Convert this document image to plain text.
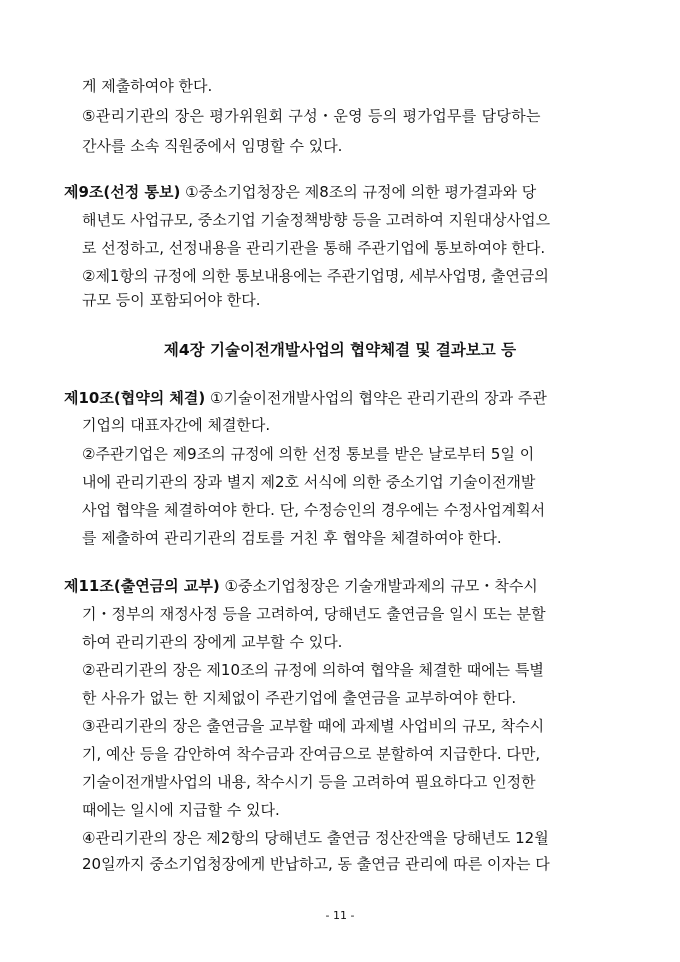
게 제출하여야 한다.
⑤관리기관의 장은 평가위원회 구성・운영 등의 평가업무를 담당하는
간사를 소속 직원중에서 임명할 수 있다.
제9조(선정 통보) ①중소기업청장은 제8조의 규정에 의한 평가결과와 당
해년도 사업규모, 중소기업 기술정책방향 등을 고려하여 지원대상사업으
로 선정하고, 선정내용을 관리기관을 통해 주관기업에 통보하여야 한다.
②제1항의 규정에 의한 통보내용에는 주관기업명, 세부사업명, 출연금의
규모 등이 포함되어야 한다.
제4장 기술이전개발사업의 협약체결 및 결과보고 등
제10조(협약의 체결) ①기술이전개발사업의 협약은 관리기관의 장과 주관
기업의 대표자간에 체결한다.
②주관기업은 제9조의 규정에 의한 선정 통보를 받은 날로부터 5일 이
내에 관리기관의 장과 별지 제2호 서식에 의한 중소기업 기술이전개발
사업 협약을 체결하여야 한다. 단, 수정승인의 경우에는 수정사업계획서
를 제출하여 관리기관의 검토를 거친 후 협약을 체결하여야 한다.
제11조(출연금의 교부) ①중소기업청장은 기술개발과제의 규모・착수시
기・정부의 재정사정 등을 고려하여, 당해년도 출연금을 일시 또는 분할
하여 관리기관의 장에게 교부할 수 있다.
②관리기관의 장은 제10조의 규정에 의하여 협약을 체결한 때에는 특별
한 사유가 없는 한 지체없이 주관기업에 출연금을 교부하여야 한다.
③관리기관의 장은 출연금을 교부할 때에 과제별 사업비의 규모, 착수시
기, 예산 등을 감안하여 착수금과 잔여금으로 분할하여 지급한다. 다만,
기술이전개발사업의 내용, 착수시기 등을 고려하여 필요하다고 인정한
때에는 일시에 지급할 수 있다.
④관리기관의 장은 제2항의 당해년도 출연금 정산잔액을 당해년도 12월
20일까지 중소기업청장에게 반납하고, 동 출연금 관리에 따른 이자는 다
- 11 -
